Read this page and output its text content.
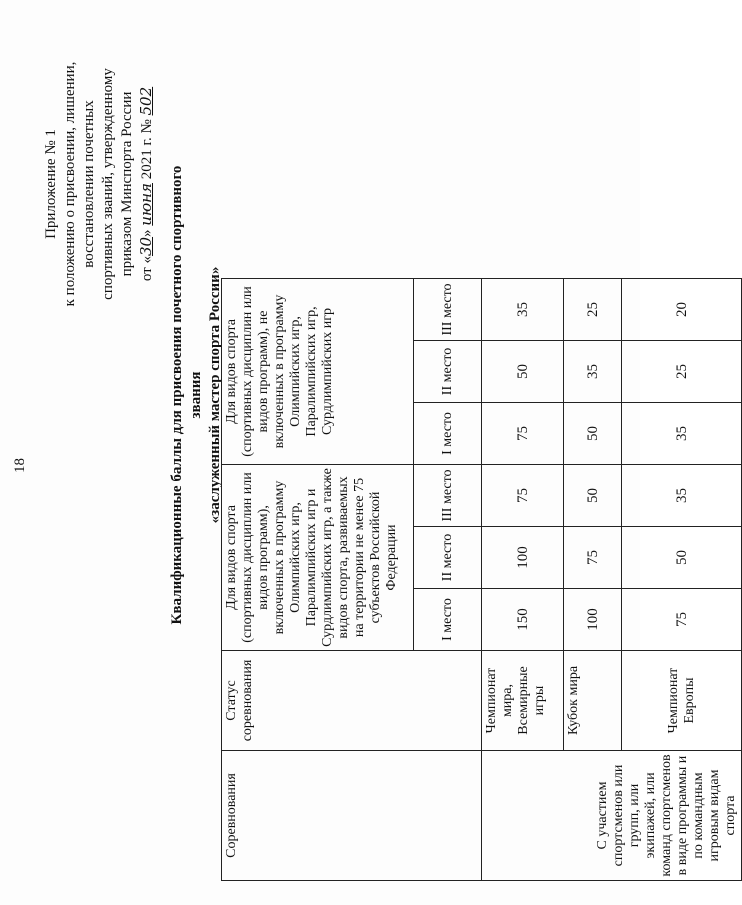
18
Приложение № 1 к положению о присвоении, лишении, восстановлении почетных спортивных званий, утвержденному приказом Минспорта России от «30» июня 2021 г. № 502
Квалификационные баллы для присвоения почетного спортивного звания «заслуженный мастер спорта России»
Соревнования	Статус соревнования	Для видов спорта (спортивных дисциплин или видов программ), включенных в программу Олимпийских игр, Паралимпийских игр и Сурдлимпийских игр, а также видов спорта, развиваемых на территории не менее 75 субъектов Российской Федерации			Для видов спорта (спортивных дисциплин или видов программ), не включенных в программу Олимпийских игр, Паралимпийских игр, Сурдлимпийских игр		
		I место	II место	III место	I место	II место	III место
С участием спортсменов или групп, или экипажей, или команд спортсменов в виде программы и по командным игровым видам спорта	Чемпионат мира, Всемирные игры	150	100	75	75	50	35
	Кубок мира	100	75	50	50	35	25
	Чемпионат Европы	75	50	35	35	25	20
